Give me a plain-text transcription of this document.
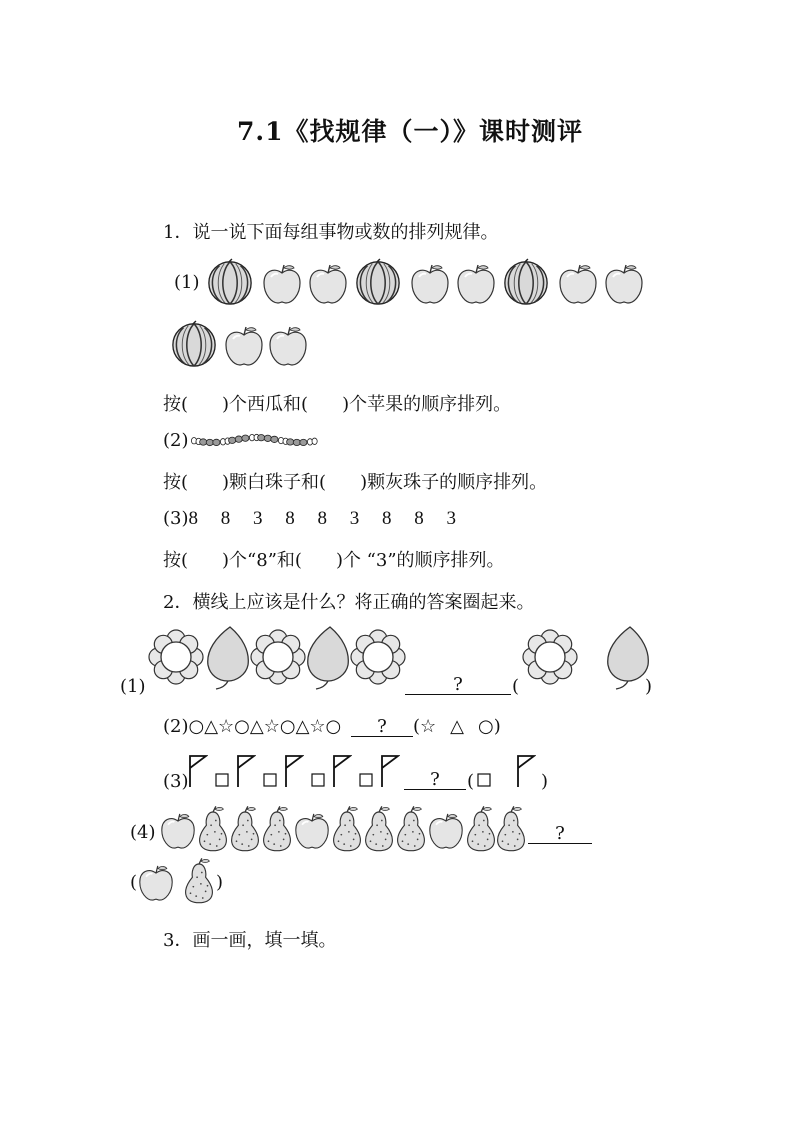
7.1《找规律（一）》课时测评
1．说一说下面每组事物或数的排列规律。
(1)
按( )个西瓜和( )个苹果的顺序排列。
(2)
按( )颗白珠子和( )颗灰珠子的顺序排列。
(3)8 8 3 8 8 3 8 8 3
按( )个“8”和( )个 “3”的顺序排列。
2．横线上应该是什么？将正确的答案圈起来。
(1)	?	(	)
(2)○△☆○△☆○△☆○ ? (☆ △ ○)
(3)	?	(	)
(4)	?
(	)
3．画一画，填一填。
